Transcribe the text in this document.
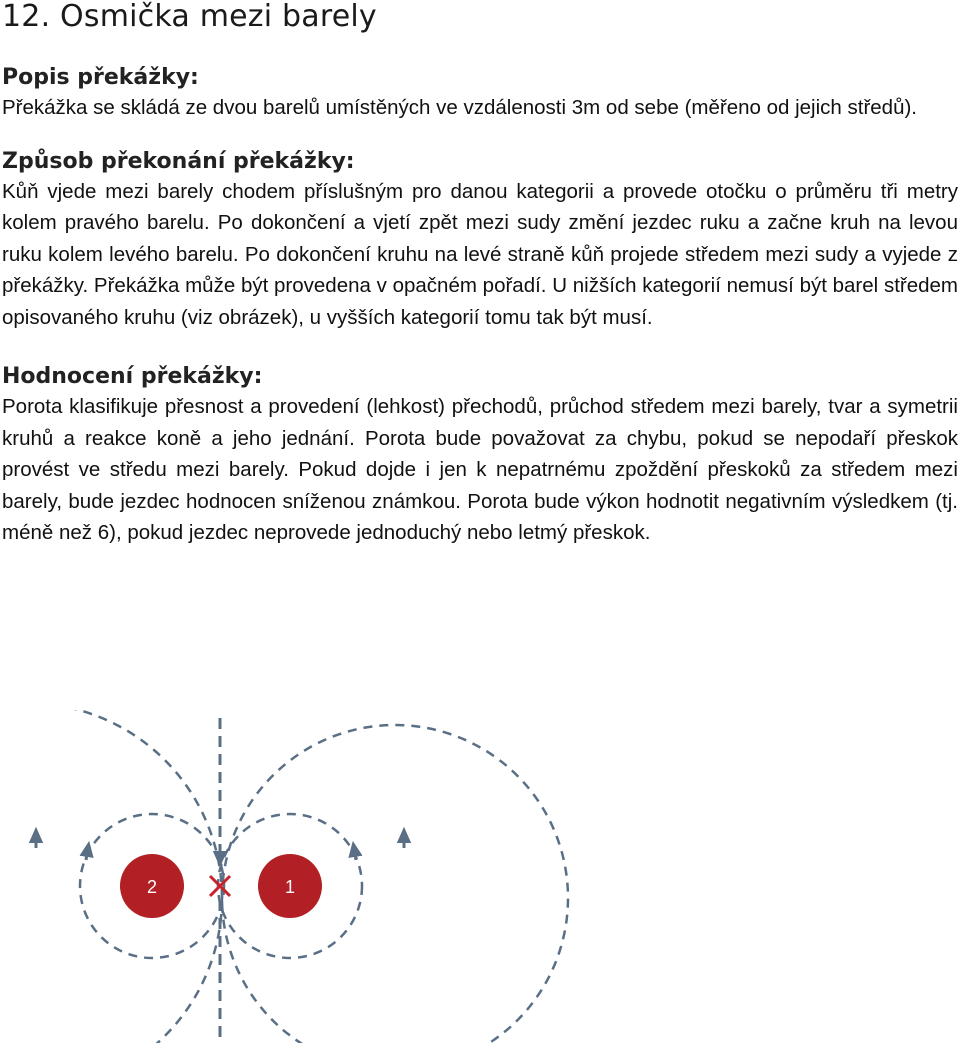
12. Osmička mezi barely
Popis překážky:

Překážka se skládá ze dvou barelů umístěných ve vzdálenosti 3m od sebe (měřeno od jejich středů).

Způsob překonání překážky:

Kůň vjede mezi barely chodem příslušným pro danou kategorii a provede otočku o průměru tři metry kolem pravého barelu. Po dokončení a vjetí zpět mezi sudy změní jezdec ruku a začne kruh na levou ruku kolem levého barelu. Po dokončení kruhu na levé straně kůň projede středem mezi sudy a vyjede z překážky. Překážka může být provedena v opačném pořadí. U nižších kategorií nemusí být barel středem opisovaného kruhu (viz obrázek), u vyšších kategorií tomu tak být musí.

Hodnocení překážky:

Porota klasifikuje přesnost a provedení (lehkost) přechodů, průchod středem mezi barely, tvar a symetrii kruhů a reakce koně a jeho jednání. Porota bude považovat za chybu, pokud se nepodaří přeskok provést ve středu mezi barely. Pokud dojde i jen k nepatrnému zpoždění přeskoků za středem mezi barely, bude jezdec hodnocen sníženou známkou. Porota bude výkon hodnotit negativním výsledkem (tj. méně než 6), pokud jezdec neprovede jednoduchý nebo letmý přeskok.

2	1
